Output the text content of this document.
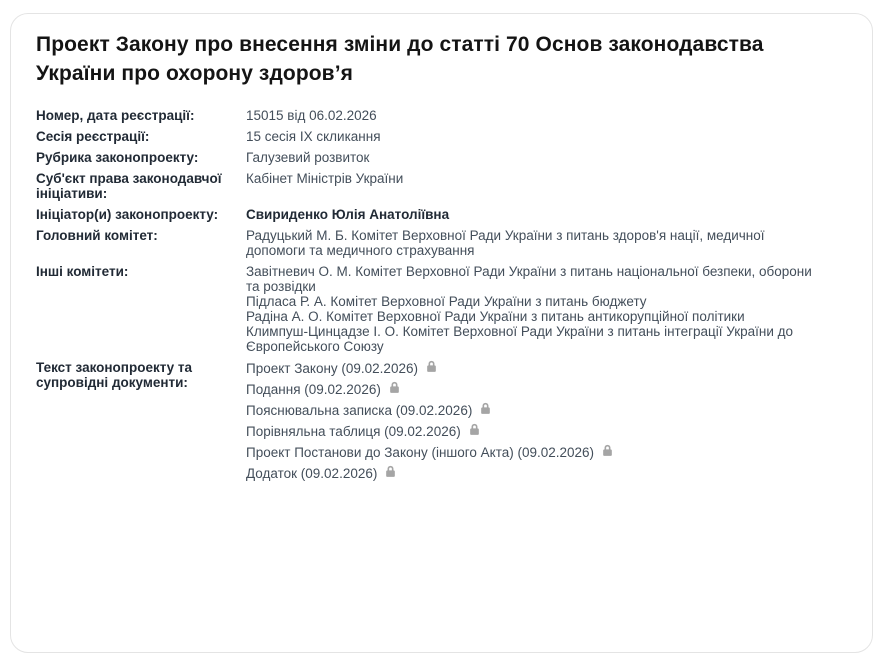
Проект Закону про внесення зміни до статті 70 Основ законодавства України про охорону здоров’я
Номер, дата реєстрації:	15015 від 06.02.2026
Сесія реєстрації:	15 сесія IX скликання
Рубрика законопроекту:	Галузевий розвиток
Суб'єкт права законодавчої ініціативи:
Кабінет Міністрів України
Ініціатор(и) законопроекту:	Свириденко Юлія Анатоліївна
Головний комітет:	Радуцький М. Б. Комітет Верховної Ради України з питань здоров'я нації, медичної допомоги та медичного страхування
Інші комітети:	Завітневич О. М. Комітет Верховної Ради України з питань національної безпеки, оборони та розвідки
Підласа Р. А. Комітет Верховної Ради України з питань бюджету
Радіна А. О. Комітет Верховної Ради України з питань антикорупційної політики
Климпуш-Цинцадзе І. О. Комітет Верховної Ради України з питань інтеграції України до Європейського Союзу
Текст законопроекту та супровідні документи:
Проект Закону (09.02.2026)
Подання (09.02.2026)
Пояснювальна записка (09.02.2026)
Порівняльна таблиця (09.02.2026)
Проект Постанови до Закону (іншого Акта) (09.02.2026)
Додаток (09.02.2026)
